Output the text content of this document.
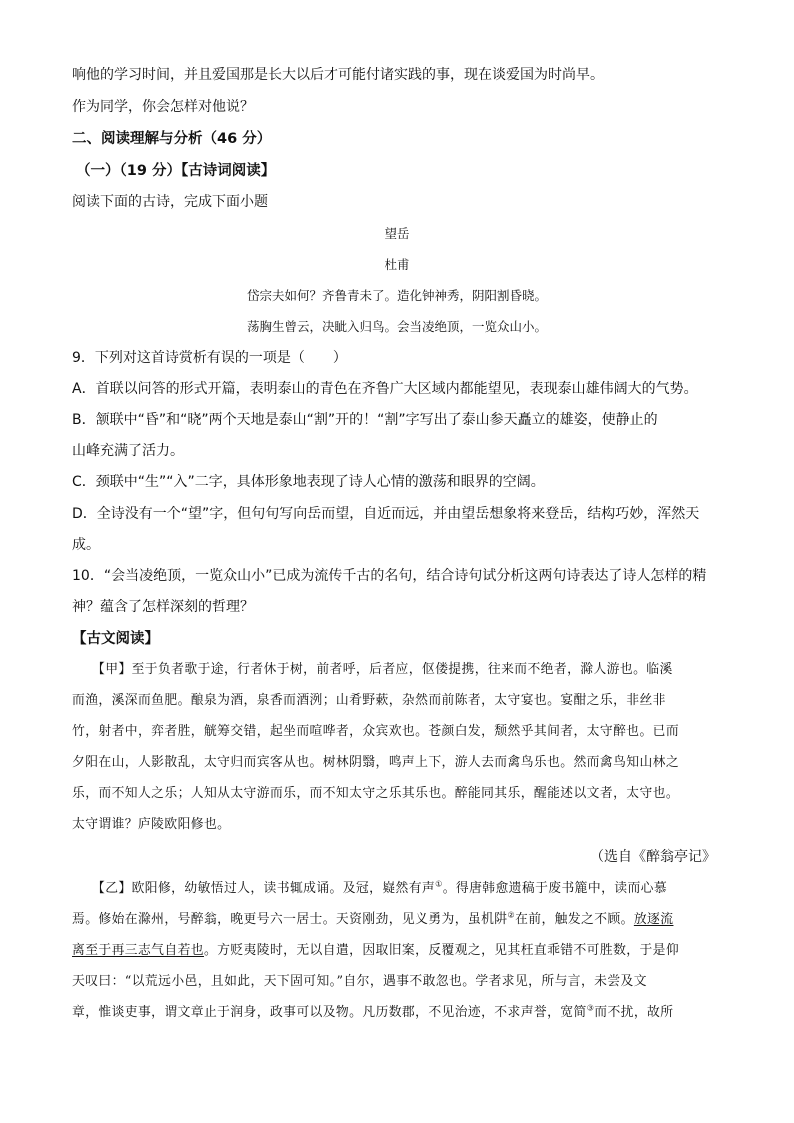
响他的学习时间，并且爱国那是长大以后才可能付诸实践的事，现在谈爱国为时尚早。
作为同学，你会怎样对他说？
二、阅读理解与分析（46 分）
（一）（19 分）【古诗词阅读】
阅读下面的古诗，完成下面小题
望岳
杜甫
岱宗夫如何？齐鲁青未了。造化钟神秀，阴阳割昏晓。
荡胸生曾云，决眦入归鸟。会当凌绝顶，一览众山小。
9．下列对这首诗赏析有误的一项是（　　）
A．首联以问答的形式开篇，表明泰山的青色在齐鲁广大区域内都能望见，表现泰山雄伟阔大的气势。
B．颔联中“昏”和“晓”两个天地是泰山“割”开的！“割”字写出了泰山参天矗立的雄姿，使静止的
山峰充满了活力。
C．颈联中“生”“入”二字，具体形象地表现了诗人心情的激荡和眼界的空阔。
D．全诗没有一个“望”字，但句句写向岳而望，自近而远，并由望岳想象将来登岳，结构巧妙，浑然天
成。
10．“会当凌绝顶，一览众山小”已成为流传千古的名句，结合诗句试分析这两句诗表达了诗人怎样的精
神？蕴含了怎样深刻的哲理？
【古文阅读】
　　【甲】至于负者歌于途，行者休于树，前者呼，后者应，伛偻提携，往来而不绝者，滁人游也。临溪
而渔，溪深而鱼肥。酿泉为酒，泉香而酒洌；山肴野蔌，杂然而前陈者，太守宴也。宴酣之乐，非丝非
竹，射者中，弈者胜，觥筹交错，起坐而喧哗者，众宾欢也。苍颜白发，颓然乎其间者，太守醉也。已而
夕阳在山，人影散乱，太守归而宾客从也。树林阴翳，鸣声上下，游人去而禽鸟乐也。然而禽鸟知山林之
乐，而不知人之乐；人知从太守游而乐，而不知太守之乐其乐也。醉能同其乐，醒能述以文者，太守也。
太守谓谁？庐陵欧阳修也。
（选自《醉翁亭记》
　　【乙】欧阳修，幼敏悟过人，读书辄成诵。及冠，嶷然有声①。得唐韩愈遗稿于废书簏中，读而心慕
焉。修始在滁州，号醉翁，晚更号六一居士。天资刚劲，见义勇为，虽机阱②在前，触发之不顾。放逐流
离至于再三志气自若也。方贬夷陵时，无以自遣，因取旧案，反覆观之，见其枉直乖错不可胜数，于是仰
天叹曰：“以荒远小邑，且如此，天下固可知。”自尔，遇事不敢忽也。学者求见，所与言，未尝及文
章，惟谈吏事，谓文章止于润身，政事可以及物。凡历数郡，不见治迹，不求声誉，宽简③而不扰，故所
